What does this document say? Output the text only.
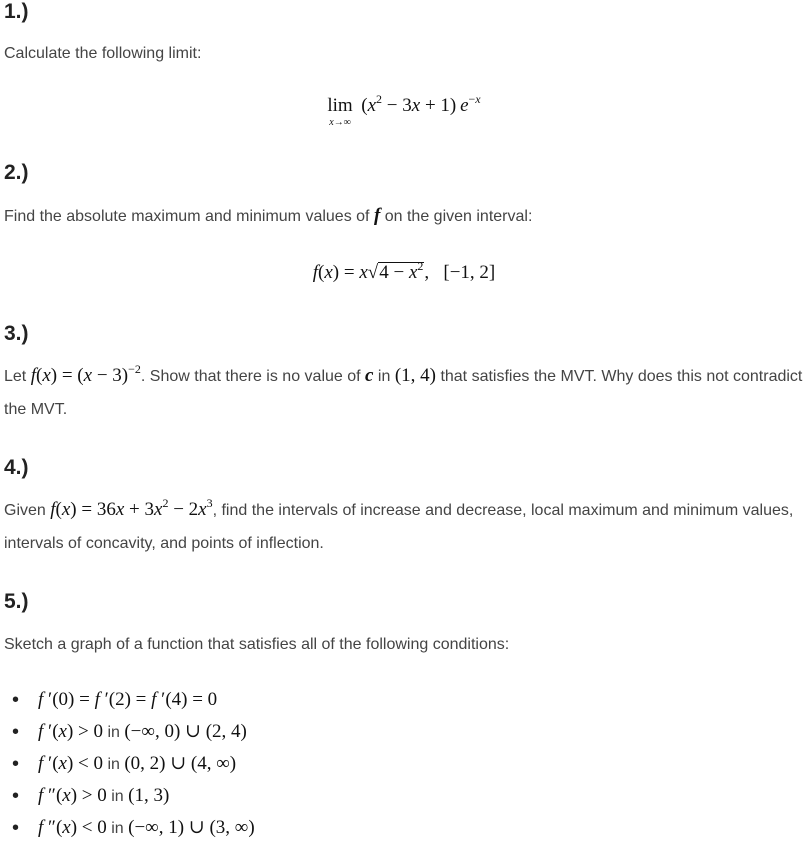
1.)

Calculate the following limit:

lim
x→∞
 $(x^2 - 3x + 1)$ $e^{-x}$
2.)

Find the absolute maximum and minimum values of f on the given interval:

$f(x) = x√4 - x^2$,   [−1, 2]
3.)

Let $f(x) = (x - 3)^{-2}$. Show that there is no value of c in (1, 4) that satisfies the MVT. Why does this not contradict the MVT.

4.)

Given $f(x) = 36x + 3x^2 - 2x^3$, find the intervals of increase and decrease, local maximum and minimum values, intervals of concavity, and points of inflection.

5.)

Sketch a graph of a function that satisfies all of the following conditions:

• f ′(0) = f ′(2) = f ′(4) = 0
• f ′(x) > 0 in (−∞, 0) ∪ (2, 4)
• f ′(x) < 0 in (0, 2) ∪ (4, ∞)
• f ″(x) > 0 in (1, 3)
• f ″(x) < 0 in (−∞, 1) ∪ (3, ∞)
